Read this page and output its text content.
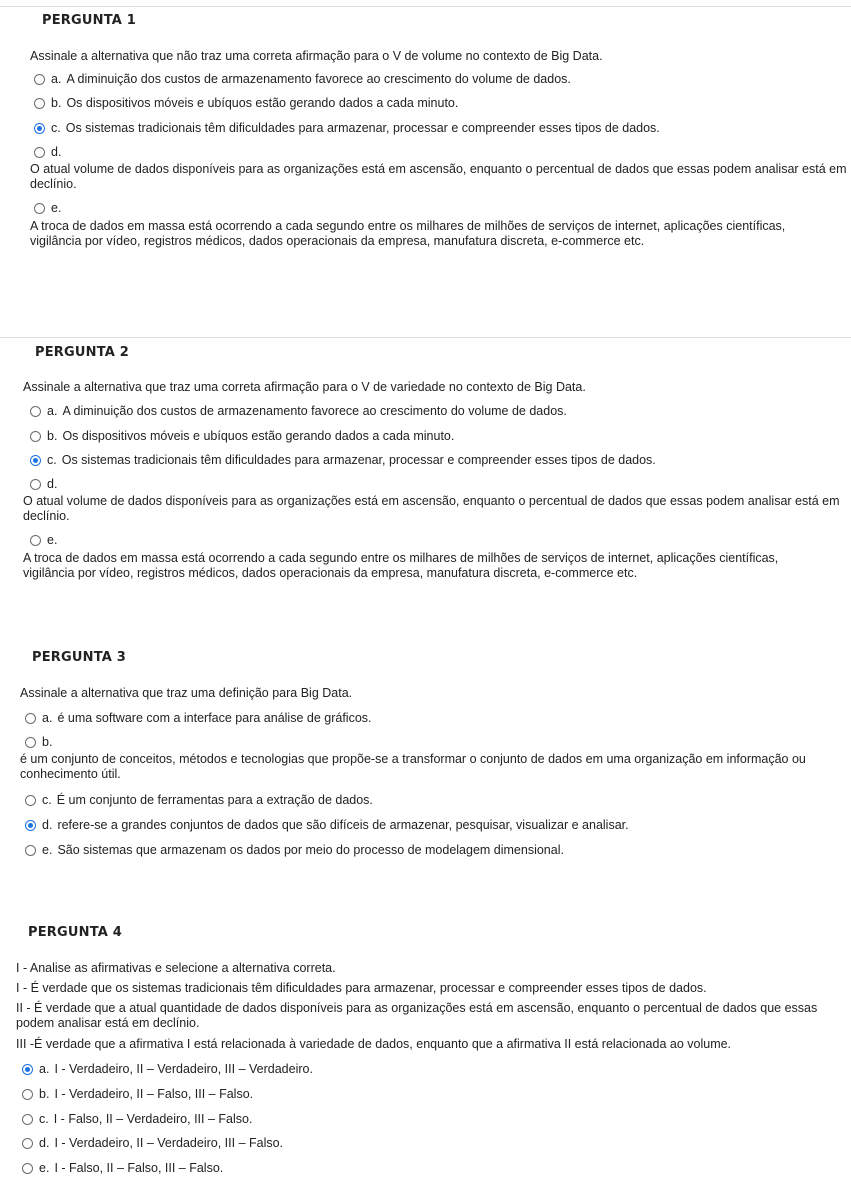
PERGUNTA 1
Assinale a alternativa que não traz uma correta afirmação para o V de volume no contexto de Big Data.
a. A diminuição dos custos de armazenamento favorece ao crescimento do volume de dados.
b. Os dispositivos móveis e ubíquos estão gerando dados a cada minuto.
c. Os sistemas tradicionais têm dificuldades para armazenar, processar e compreender esses tipos de dados.
d.
O atual volume de dados disponíveis para as organizações está em ascensão, enquanto o percentual de dados que essas podem analisar está em declínio.
e.
A troca de dados em massa está ocorrendo a cada segundo entre os milhares de milhões de serviços de internet, aplicações científicas, vigilância por vídeo, registros médicos, dados operacionais da empresa, manufatura discreta, e-commerce etc.
PERGUNTA 2
Assinale a alternativa que traz uma correta afirmação para o V de variedade no contexto de Big Data.
a. A diminuição dos custos de armazenamento favorece ao crescimento do volume de dados.
b. Os dispositivos móveis e ubíquos estão gerando dados a cada minuto.
c. Os sistemas tradicionais têm dificuldades para armazenar, processar e compreender esses tipos de dados.
d.
O atual volume de dados disponíveis para as organizações está em ascensão, enquanto o percentual de dados que essas podem analisar está em declínio.
e.
A troca de dados em massa está ocorrendo a cada segundo entre os milhares de milhões de serviços de internet, aplicações científicas, vigilância por vídeo, registros médicos, dados operacionais da empresa, manufatura discreta, e-commerce etc.
PERGUNTA 3
Assinale a alternativa que traz uma definição para Big Data.
a. é uma software com a interface para análise de gráficos.
b.
é um conjunto de conceitos, métodos e tecnologias que propõe-se a transformar o conjunto de dados em uma organização em informação ou conhecimento útil.
c. É um conjunto de ferramentas para a extração de dados.
d. refere-se a grandes conjuntos de dados que são difíceis de armazenar, pesquisar, visualizar e analisar.
e. São sistemas que armazenam os dados por meio do processo de modelagem dimensional.
PERGUNTA 4
I - Analise as afirmativas e selecione a alternativa correta.
I - É verdade que os sistemas tradicionais têm dificuldades para armazenar, processar e compreender esses tipos de dados.
II - É verdade que a atual quantidade de dados disponíveis para as organizações está em ascensão, enquanto o percentual de dados que essas podem analisar está em declínio.
III -É verdade que a afirmativa I está relacionada à variedade de dados, enquanto que a afirmativa II está relacionada ao volume.
a. I - Verdadeiro, II – Verdadeiro, III – Verdadeiro.
b. I - Verdadeiro, II – Falso, III – Falso.
c. I - Falso, II – Verdadeiro, III – Falso.
d. I - Verdadeiro, II – Verdadeiro, III – Falso.
e. I - Falso, II – Falso, III – Falso.
